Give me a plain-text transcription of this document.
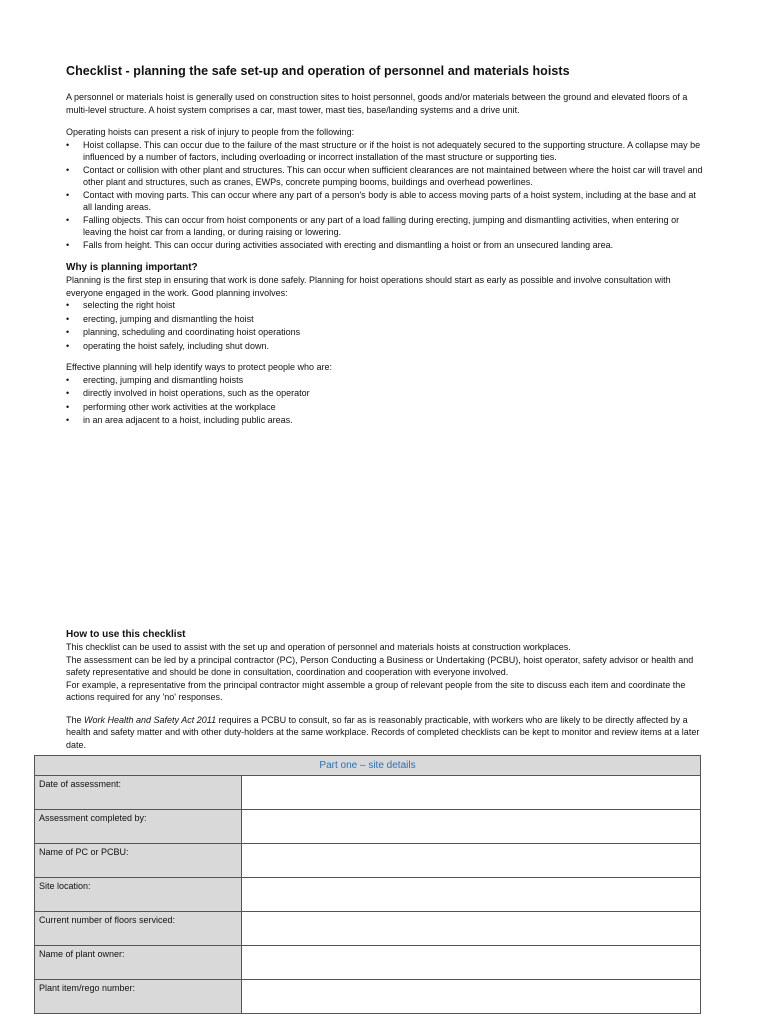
Checklist - planning the safe set-up and operation of personnel and materials hoists

A personnel or materials hoist is generally used on construction sites to hoist personnel, goods and/or materials between the ground and elevated floors of a multi-level structure. A hoist system comprises a car, mast tower, mast ties, base/landing systems and a drive unit.

Operating hoists can present a risk of injury to people from the following:

• Hoist collapse. This can occur due to the failure of the mast structure or if the hoist is not adequately secured to the supporting structure. A collapse may be influenced by a number of factors, including overloading or incorrect installation of the mast structure or supporting ties.
• Contact or collision with other plant and structures. This can occur when sufficient clearances are not maintained between where the hoist car will travel and other plant and structures, such as cranes, EWPs, concrete pumping booms, buildings and overhead powerlines.
• Contact with moving parts. This can occur where any part of a person's body is able to access moving parts of a hoist system, including at the base and at all landing areas.
• Falling objects. This can occur from hoist components or any part of a load falling during erecting, jumping and dismantling activities, when entering or leaving the hoist car from a landing, or during raising or lowering.
• Falls from height. This can occur during activities associated with erecting and dismantling a hoist or from an unsecured landing area.

Why is planning important?

Planning is the first step in ensuring that work is done safely. Planning for hoist operations should start as early as possible and involve consultation with everyone engaged in the work. Good planning involves:

• selecting the right hoist
• erecting, jumping and dismantling the hoist
• planning, scheduling and coordinating hoist operations
• operating the hoist safely, including shut down.

Effective planning will help identify ways to protect people who are:

• erecting, jumping and dismantling hoists
• directly involved in hoist operations, such as the operator
• performing other work activities at the workplace
• in an area adjacent to a hoist, including public areas.

How to use this checklist

This checklist can be used to assist with the set up and operation of personnel and materials hoists at construction workplaces.

The assessment can be led by a principal contractor (PC), Person Conducting a Business or Undertaking (PCBU), hoist operator, safety advisor or health and safety representative and should be done in consultation, coordination and cooperation with everyone involved.

For example, a representative from the principal contractor might assemble a group of relevant people from the site to discuss each item and coordinate the actions required for any 'no' responses.

The Work Health and Safety Act 2011 requires a PCBU to consult, so far as is reasonably practicable, with workers who are likely to be directly affected by a health and safety matter and with other duty-holders at the same workplace. Records of completed checklists can be kept to monitor and review items at a later date.

Part one – site details	
Date of assessment:	
Assessment completed by:	
Name of PC or PCBU:	
Site location:	
Current number of floors serviced:	
Name of plant owner:	
Plant item/rego number:	
